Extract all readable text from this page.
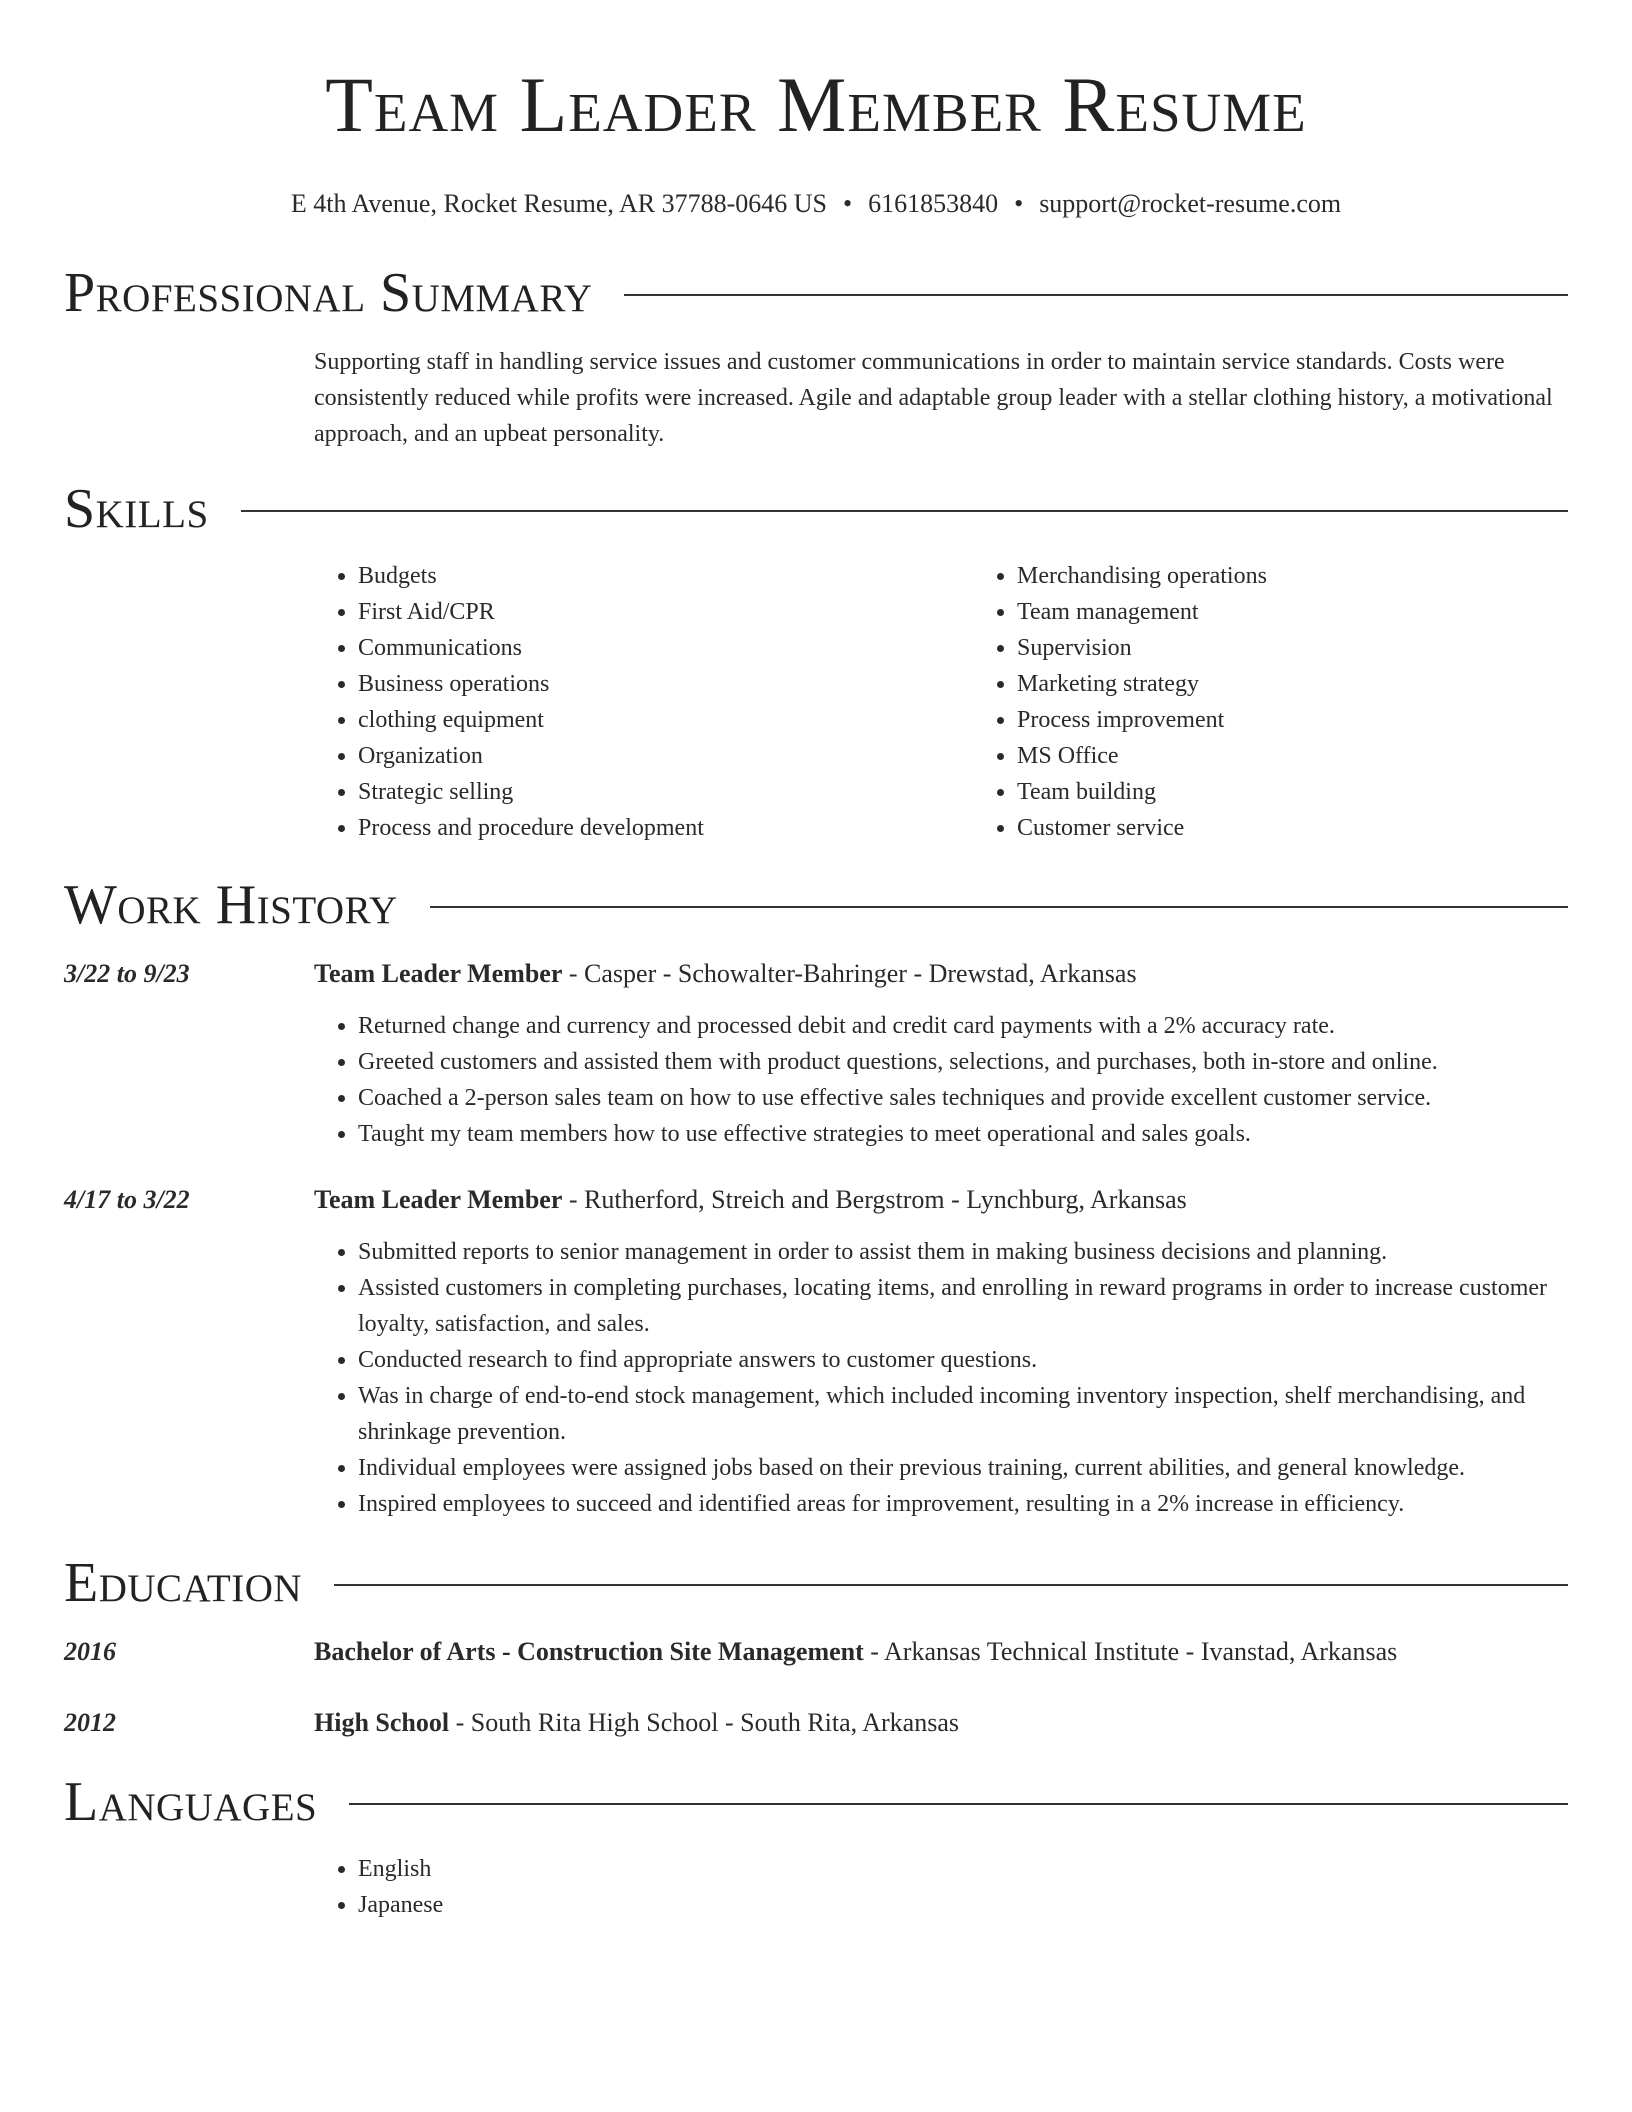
Team Leader Member Resume
E 4th Avenue, Rocket Resume, AR 37788-0646 US • 6161853840 • support@rocket-resume.com
Professional Summary

Supporting staff in handling service issues and customer communications in order to maintain service standards. Costs were consistently reduced while profits were increased. Agile and adaptable group leader with a stellar clothing history, a motivational approach, and an upbeat personality.

Skills
• Budgets
• First Aid/CPR
• Communications
• Business operations
• clothing equipment
• Organization
• Strategic selling
• Process and procedure development
• Merchandising operations
• Team management
• Supervision
• Marketing strategy
• Process improvement
• MS Office
• Team building
• Customer service
Work History
3/22 to 9/23	Team Leader Member - Casper - Schowalter-Bahringer - Drewstad, Arkansas
• Returned change and currency and processed debit and credit card payments with a 2% accuracy rate.
• Greeted customers and assisted them with product questions, selections, and purchases, both in-store and online.
• Coached a 2-person sales team on how to use effective sales techniques and provide excellent customer service.
• Taught my team members how to use effective strategies to meet operational and sales goals.
4/17 to 3/22	Team Leader Member - Rutherford, Streich and Bergstrom - Lynchburg, Arkansas
• Submitted reports to senior management in order to assist them in making business decisions and planning.
• Assisted customers in completing purchases, locating items, and enrolling in reward programs in order to increase customer loyalty, satisfaction, and sales.
• Conducted research to find appropriate answers to customer questions.
• Was in charge of end-to-end stock management, which included incoming inventory inspection, shelf merchandising, and shrinkage prevention.
• Individual employees were assigned jobs based on their previous training, current abilities, and general knowledge.
• Inspired employees to succeed and identified areas for improvement, resulting in a 2% increase in efficiency.
Education
2016	Bachelor of Arts - Construction Site Management - Arkansas Technical Institute - Ivanstad, Arkansas
2012	High School - South Rita High School - South Rita, Arkansas
Languages
• English
• Japanese
